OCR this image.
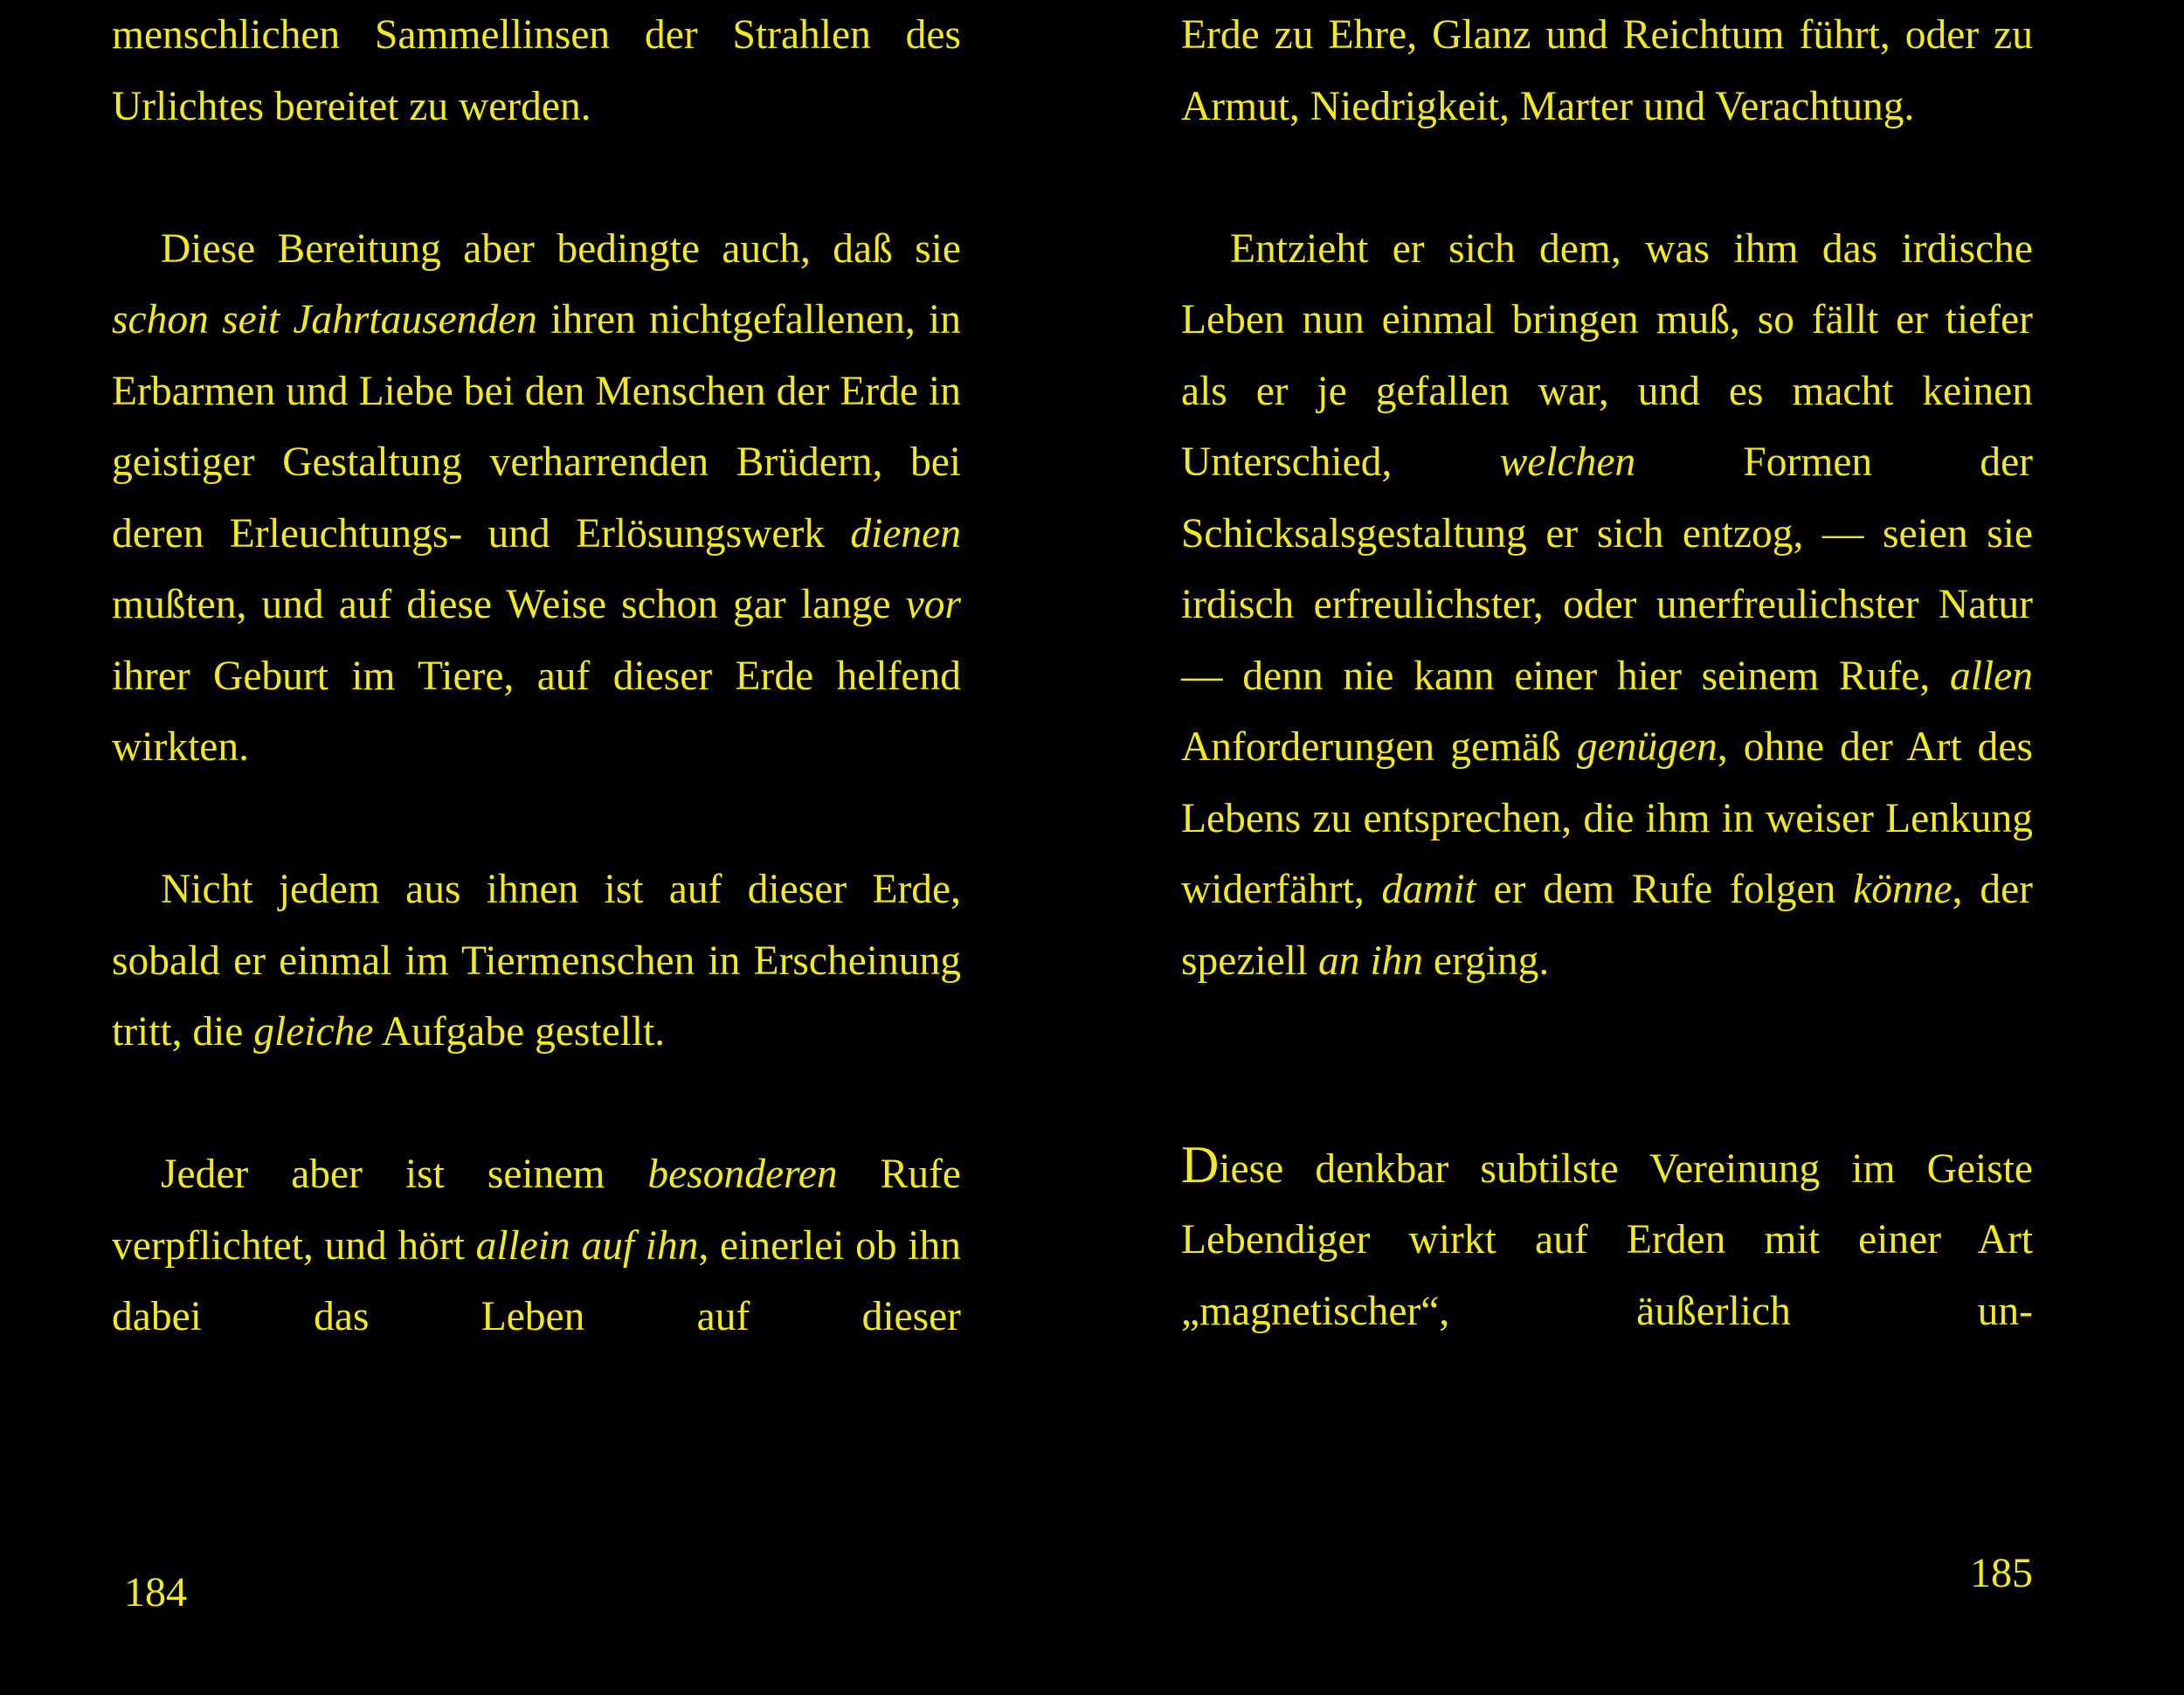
menschlichen Sammellinsen der Strahlen des Urlichtes bereitet zu werden.

Diese Bereitung aber bedingte auch, daß sie schon seit Jahrtausenden ihren nichtgefallenen, in Erbarmen und Liebe bei den Menschen der Erde in geistiger Gestaltung verharrenden Brüdern, bei deren Erleuchtungs- und Erlösungswerk dienen mußten, und auf diese Weise schon gar lange vor ihrer Geburt im Tiere, auf dieser Erde helfend wirkten.

Nicht jedem aus ihnen ist auf dieser Erde, sobald er einmal im Tiermenschen in Erscheinung tritt, die gleiche Aufgabe gestellt.

Jeder aber ist seinem besonderen Rufe verpflichtet, und hört allein auf ihn, einerlei ob ihn dabei das Leben auf dieser

184

Erde zu Ehre, Glanz und Reichtum führt, oder zu Armut, Niedrigkeit, Marter und Verachtung.

Entzieht er sich dem, was ihm das irdische Leben nun einmal bringen muß, so fällt er tiefer als er je gefallen war, und es macht keinen Unterschied, welchen Formen der Schicksalsgestaltung er sich entzog, — seien sie irdisch erfreulichster, oder unerfreulichster Natur — denn nie kann einer hier seinem Rufe, allen Anforderungen gemäß genügen, ohne der Art des Lebens zu entsprechen, die ihm in weiser Lenkung widerfährt, damit er dem Rufe folgen könne, der speziell an ihn erging.

Diese denkbar subtilste Vereinung im Geiste Lebendiger wirkt auf Erden mit einer Art „magnetischer“, äußerlich un-

185
